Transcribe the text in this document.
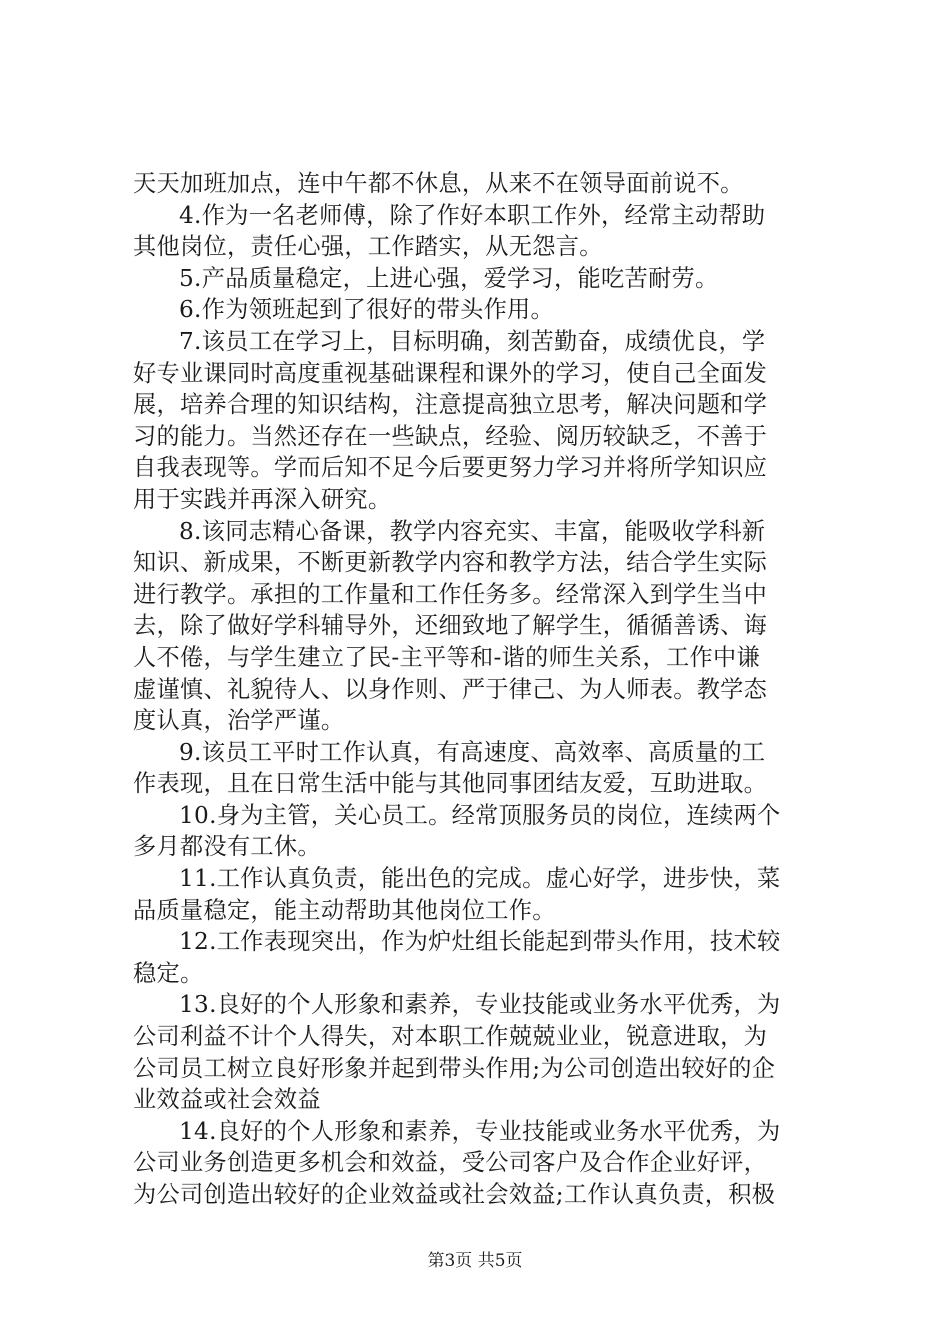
天天加班加点，连中午都不休息，从来不在领导面前说不。
4.作为一名老师傅，除了作好本职工作外，经常主动帮助
其他岗位，责任心强，工作踏实，从无怨言。
5.产品质量稳定，上进心强，爱学习，能吃苦耐劳。
6.作为领班起到了很好的带头作用。
7.该员工在学习上，目标明确，刻苦勤奋，成绩优良，学
好专业课同时高度重视基础课程和课外的学习，使自己全面发
展，培养合理的知识结构，注意提高独立思考，解决问题和学
习的能力。当然还存在一些缺点，经验、阅历较缺乏，不善于
自我表现等。学而后知不足今后要更努力学习并将所学知识应
用于实践并再深入研究。
8.该同志精心备课，教学内容充实、丰富，能吸收学科新
知识、新成果，不断更新教学内容和教学方法，结合学生实际
进行教学。承担的工作量和工作任务多。经常深入到学生当中
去，除了做好学科辅导外，还细致地了解学生，循循善诱、诲
人不倦，与学生建立了民-主平等和-谐的师生关系，工作中谦
虚谨慎、礼貌待人、以身作则、严于律己、为人师表。教学态
度认真，治学严谨。
9.该员工平时工作认真，有高速度、高效率、高质量的工
作表现，且在日常生活中能与其他同事团结友爱，互助进取。
10.身为主管，关心员工。经常顶服务员的岗位，连续两个
多月都没有工休。
11.工作认真负责，能出色的完成。虚心好学，进步快，菜
品质量稳定，能主动帮助其他岗位工作。
12.工作表现突出，作为炉灶组长能起到带头作用，技术较
稳定。
13.良好的个人形象和素养，专业技能或业务水平优秀，为
公司利益不计个人得失，对本职工作兢兢业业，锐意进取，为
公司员工树立良好形象并起到带头作用;为公司创造出较好的企
业效益或社会效益
14.良好的个人形象和素养，专业技能或业务水平优秀，为
公司业务创造更多机会和效益，受公司客户及合作企业好评，
为公司创造出较好的企业效益或社会效益;工作认真负责，积极
第3页 共5页
